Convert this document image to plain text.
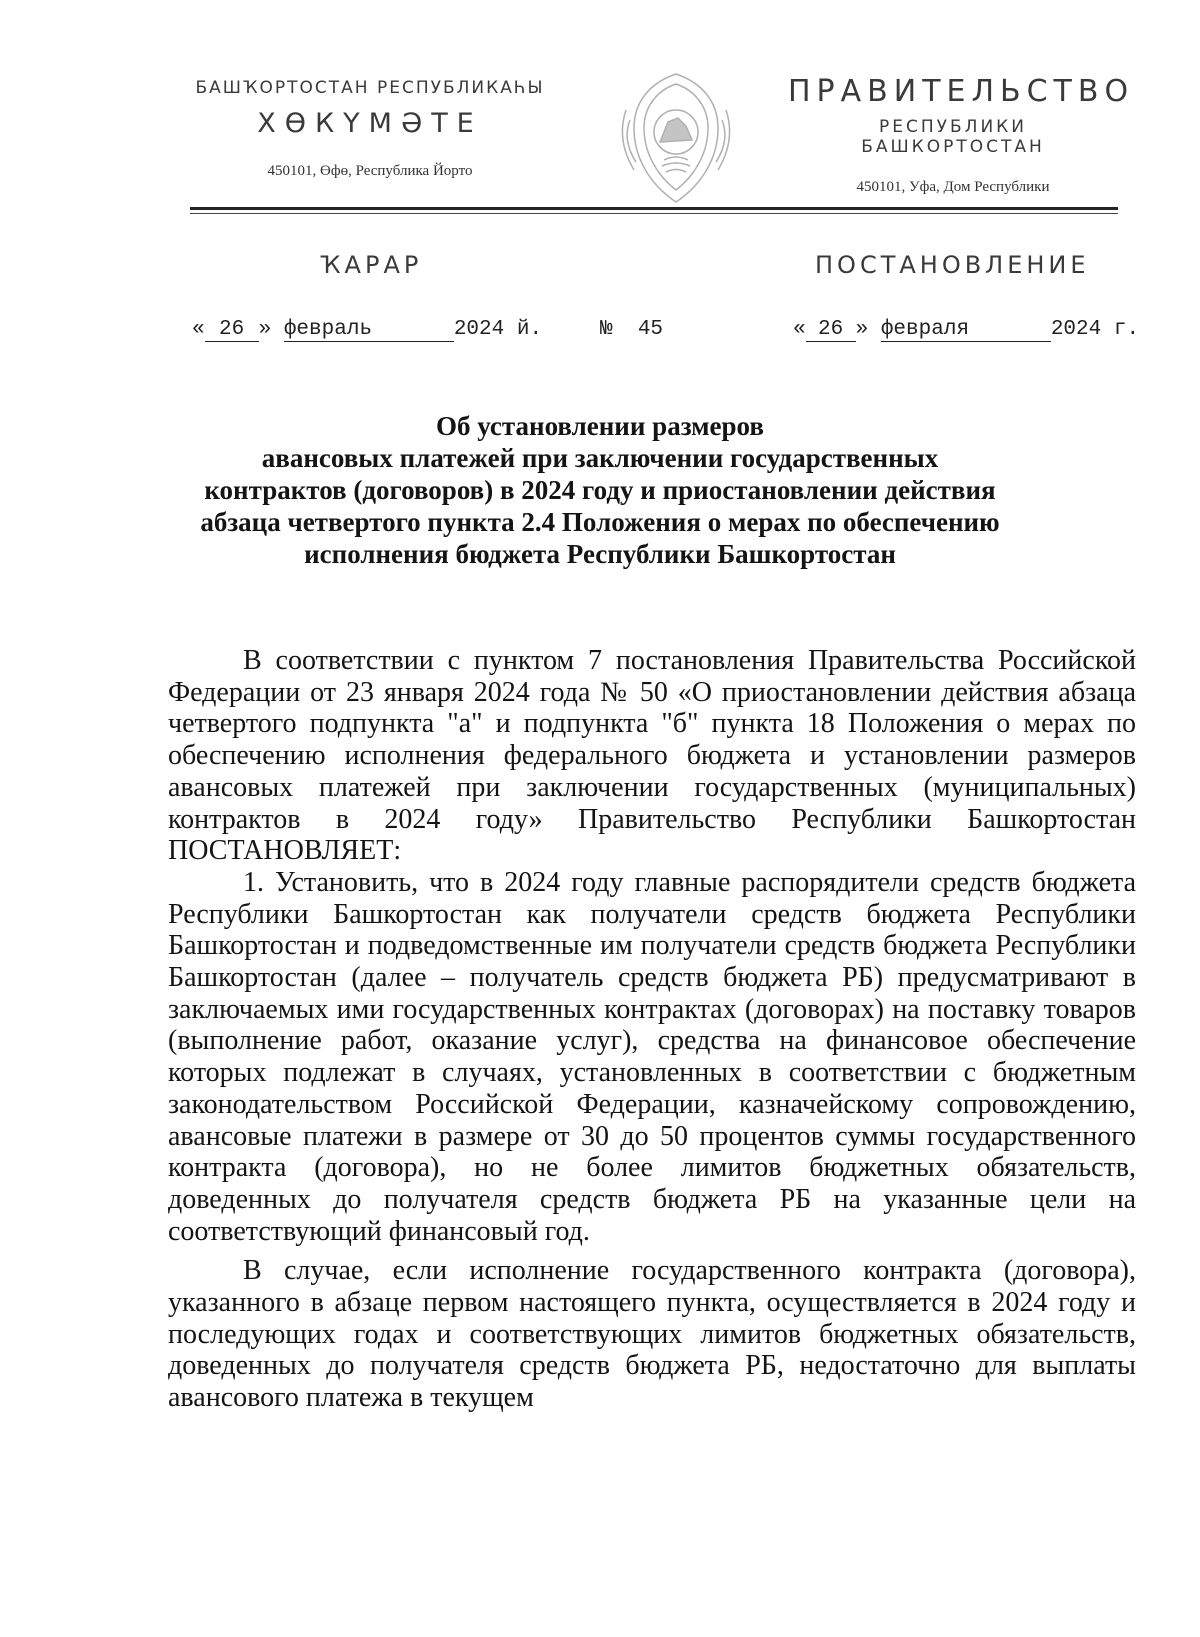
БАШҠОРТОСТАН РЕСПУБЛИКАҺЫ
ХӨКҮМӘТЕ
450101, Өфө, Республика Йорто
ПРАВИТЕЛЬСТВО
РЕСПУБЛИКИ БАШКОРТОСТАН
450101, Уфа, Дом Республики
ҠАРАР	ПОСТАНОВЛЕНИЕ
« 26 » февраль	2024 й.	№ 45	« 26 » февраля	2024 г.
Об установлении размеров
авансовых платежей при заключении государственных
контрактов (договоров) в 2024 году и приостановлении действия
абзаца четвертого пункта 2.4 Положения о мерах по обеспечению
исполнения бюджета Республики Башкортостан

В соответствии с пунктом 7 постановления Правительства Российской Федерации от 23 января 2024 года № 50 «О приостановлении действия абзаца четвертого подпункта "а" и подпункта "б" пункта 18 Положения о мерах по обеспечению исполнения федерального бюджета и установлении размеров авансовых платежей при заключении государственных (муниципальных) контрактов в 2024 году» Правительство Республики Башкортостан ПОСТАНОВЛЯЕТ:

1. Установить, что в 2024 году главные распорядители средств бюджета Республики Башкортостан как получатели средств бюджета Республики Башкортостан и подведомственные им получатели средств бюджета Республики Башкортостан (далее – получатель средств бюджета РБ) предусматривают в заключаемых ими государственных контрактах (договорах) на поставку товаров (выполнение работ, оказание услуг), средства на финансовое обеспечение которых подлежат в случаях, установленных в соответствии с бюджетным законодательством Российской Федерации, казначейскому сопровождению, авансовые платежи в размере от 30 до 50 процентов суммы государственного контракта (договора), но не более лимитов бюджетных обязательств, доведенных до получателя средств бюджета РБ на указанные цели на соответствующий финансовый год.

В случае, если исполнение государственного контракта (договора), указанного в абзаце первом настоящего пункта, осуществляется в 2024 году и последующих годах и соответствующих лимитов бюджетных обязательств, доведенных до получателя средств бюджета РБ, недостаточно для выплаты авансового платежа в текущем
